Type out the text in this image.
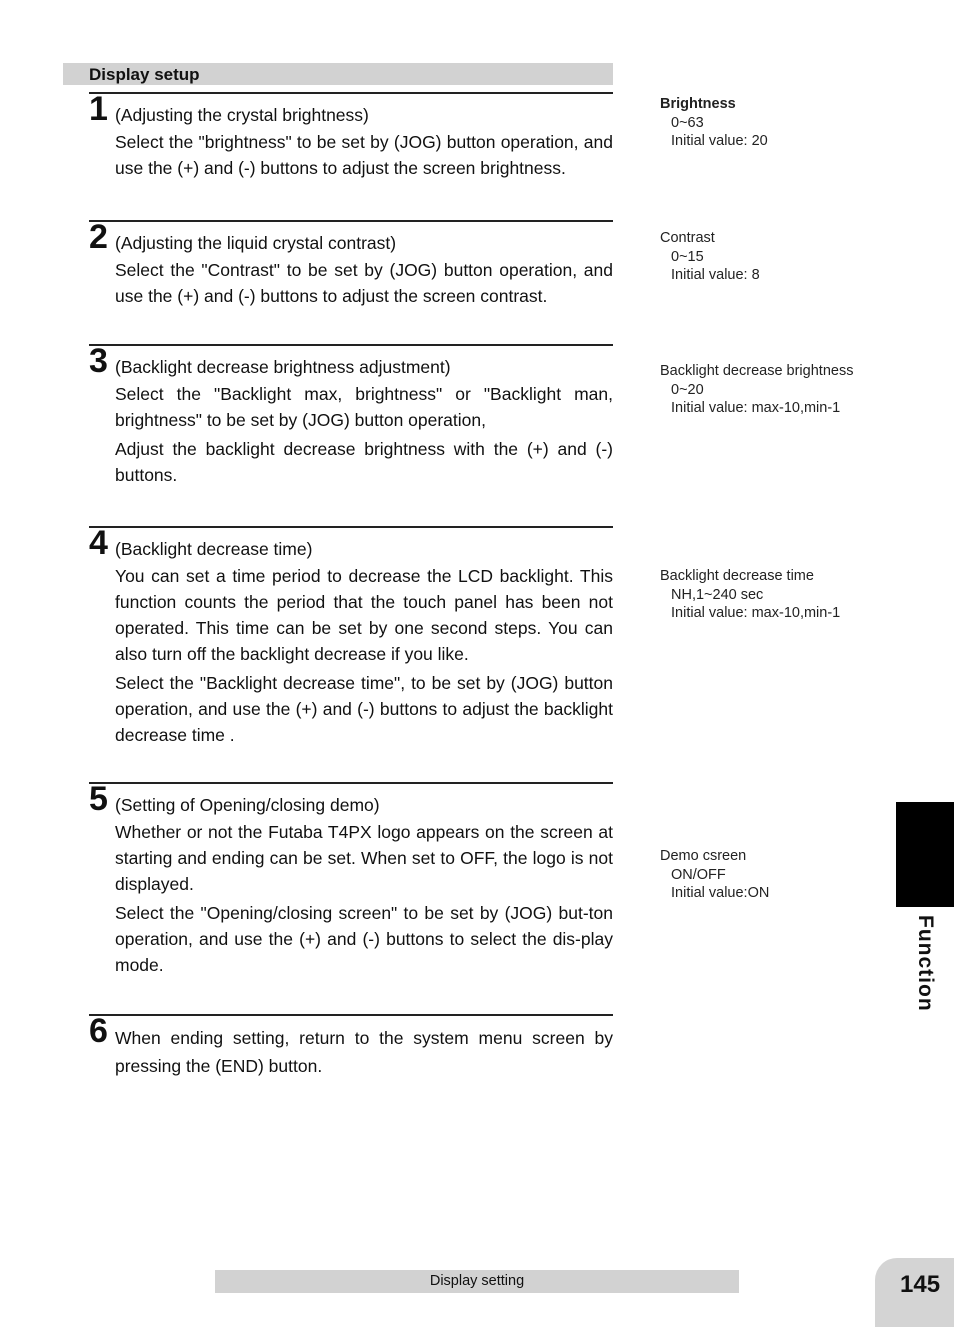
Display setup
1 (Adjusting the crystal brightness)

Select the "brightness" to be set by (JOG) button operation, and use the (+) and (-) buttons to adjust the screen brightness.

2 (Adjusting the liquid crystal contrast)

Select the "Contrast" to be set by (JOG) button operation, and use the (+) and (-) buttons to adjust the screen contrast.

3 (Backlight decrease brightness adjustment)

Select the "Backlight max, brightness" or "Backlight man, brightness" to be set by (JOG) button operation,

Adjust the backlight decrease brightness with the (+) and (-) buttons.

4 (Backlight decrease time)

You can set a time period to decrease the LCD backlight. This function counts the period that the touch panel has been not operated. This time can be set by one second steps. You can also turn off the backlight decrease if you like.

Select the "Backlight decrease time", to be set by (JOG) button operation, and use the (+) and (-) buttons to adjust the backlight decrease time .

5 (Setting of Opening/closing demo)

Whether or not the Futaba T4PX logo appears on the screen at starting and ending can be set. When set to OFF, the logo is not displayed.

Select the "Opening/closing screen" to be set by (JOG) but-ton operation, and use the (+) and (-) buttons to select the dis-play mode.

6 When ending setting, return to the system menu screen by pressing the (END) button.
Brightness
0~63
Initial value: 20
Contrast
0~15
Initial value: 8
Backlight decrease brightness
0~20
Initial value: max-10,min-1
Backlight decrease time
NH,1~240 sec
Initial value: max-10,min-1
Demo csreen
ON/OFF
Initial value:ON
Function
Display setting	145
